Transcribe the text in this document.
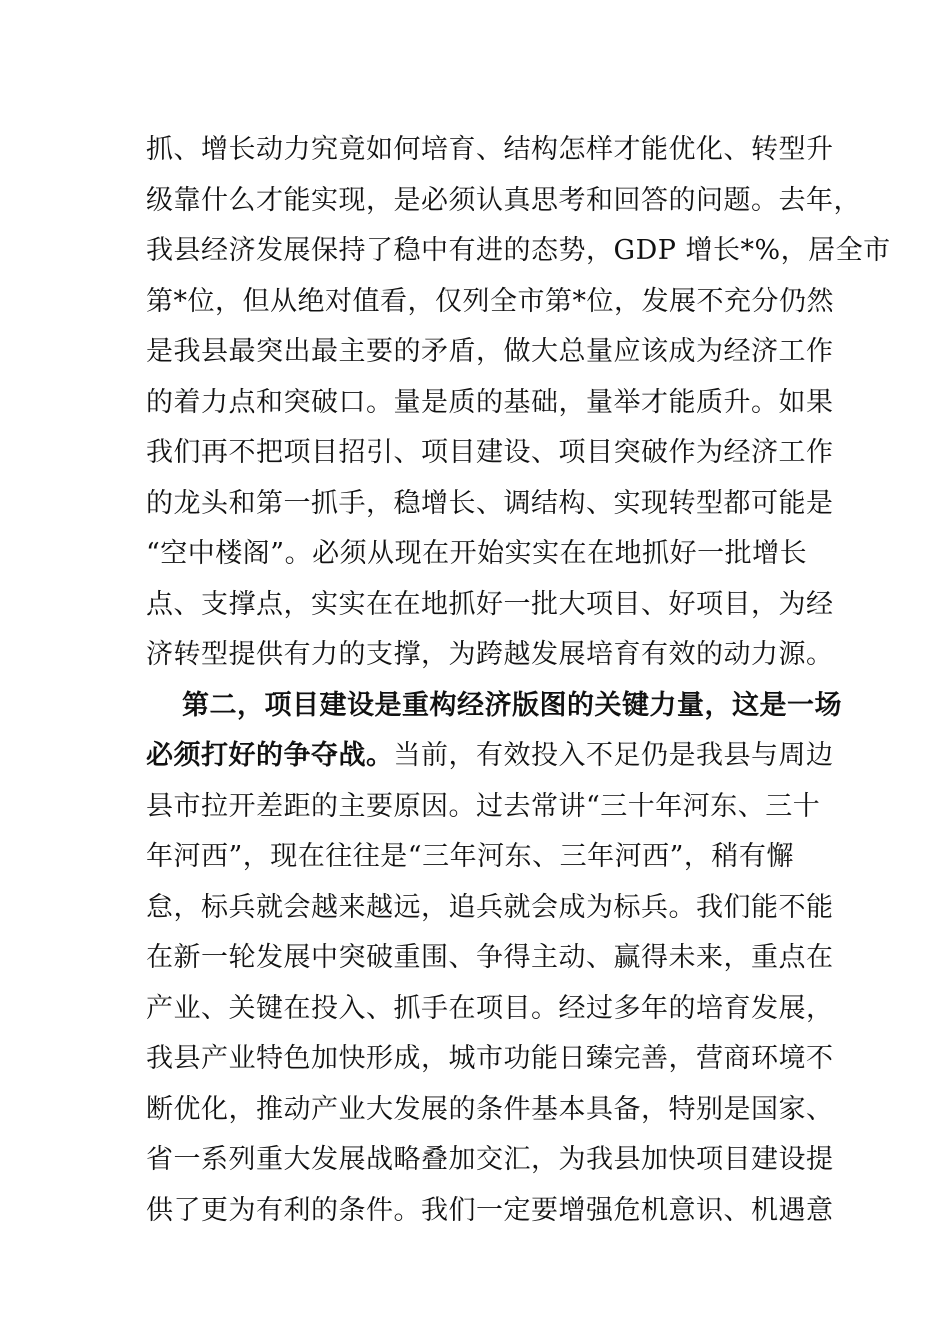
抓、增长动力究竟如何培育、结构怎样才能优化、转型升
级靠什么才能实现，是必须认真思考和回答的问题。去年，
我县经济发展保持了稳中有进的态势，GDP 增长*%，居全市
第*位，但从绝对值看，仅列全市第*位，发展不充分仍然
是我县最突出最主要的矛盾，做大总量应该成为经济工作
的着力点和突破口。量是质的基础，量举才能质升。如果
我们再不把项目招引、项目建设、项目突破作为经济工作
的龙头和第一抓手，稳增长、调结构、实现转型都可能是
“空中楼阁”。必须从现在开始实实在在地抓好一批增长
点、支撑点，实实在在地抓好一批大项目、好项目，为经
济转型提供有力的支撑，为跨越发展培育有效的动力源。
第二，项目建设是重构经济版图的关键力量，这是一场
必须打好的争夺战。当前，有效投入不足仍是我县与周边
县市拉开差距的主要原因。过去常讲“三十年河东、三十
年河西”，现在往往是“三年河东、三年河西”，稍有懈
怠，标兵就会越来越远，追兵就会成为标兵。我们能不能
在新一轮发展中突破重围、争得主动、赢得未来，重点在
产业、关键在投入、抓手在项目。经过多年的培育发展，
我县产业特色加快形成，城市功能日臻完善，营商环境不
断优化，推动产业大发展的条件基本具备，特别是国家、
省一系列重大发展战略叠加交汇，为我县加快项目建设提
供了更为有利的条件。我们一定要增强危机意识、机遇意
